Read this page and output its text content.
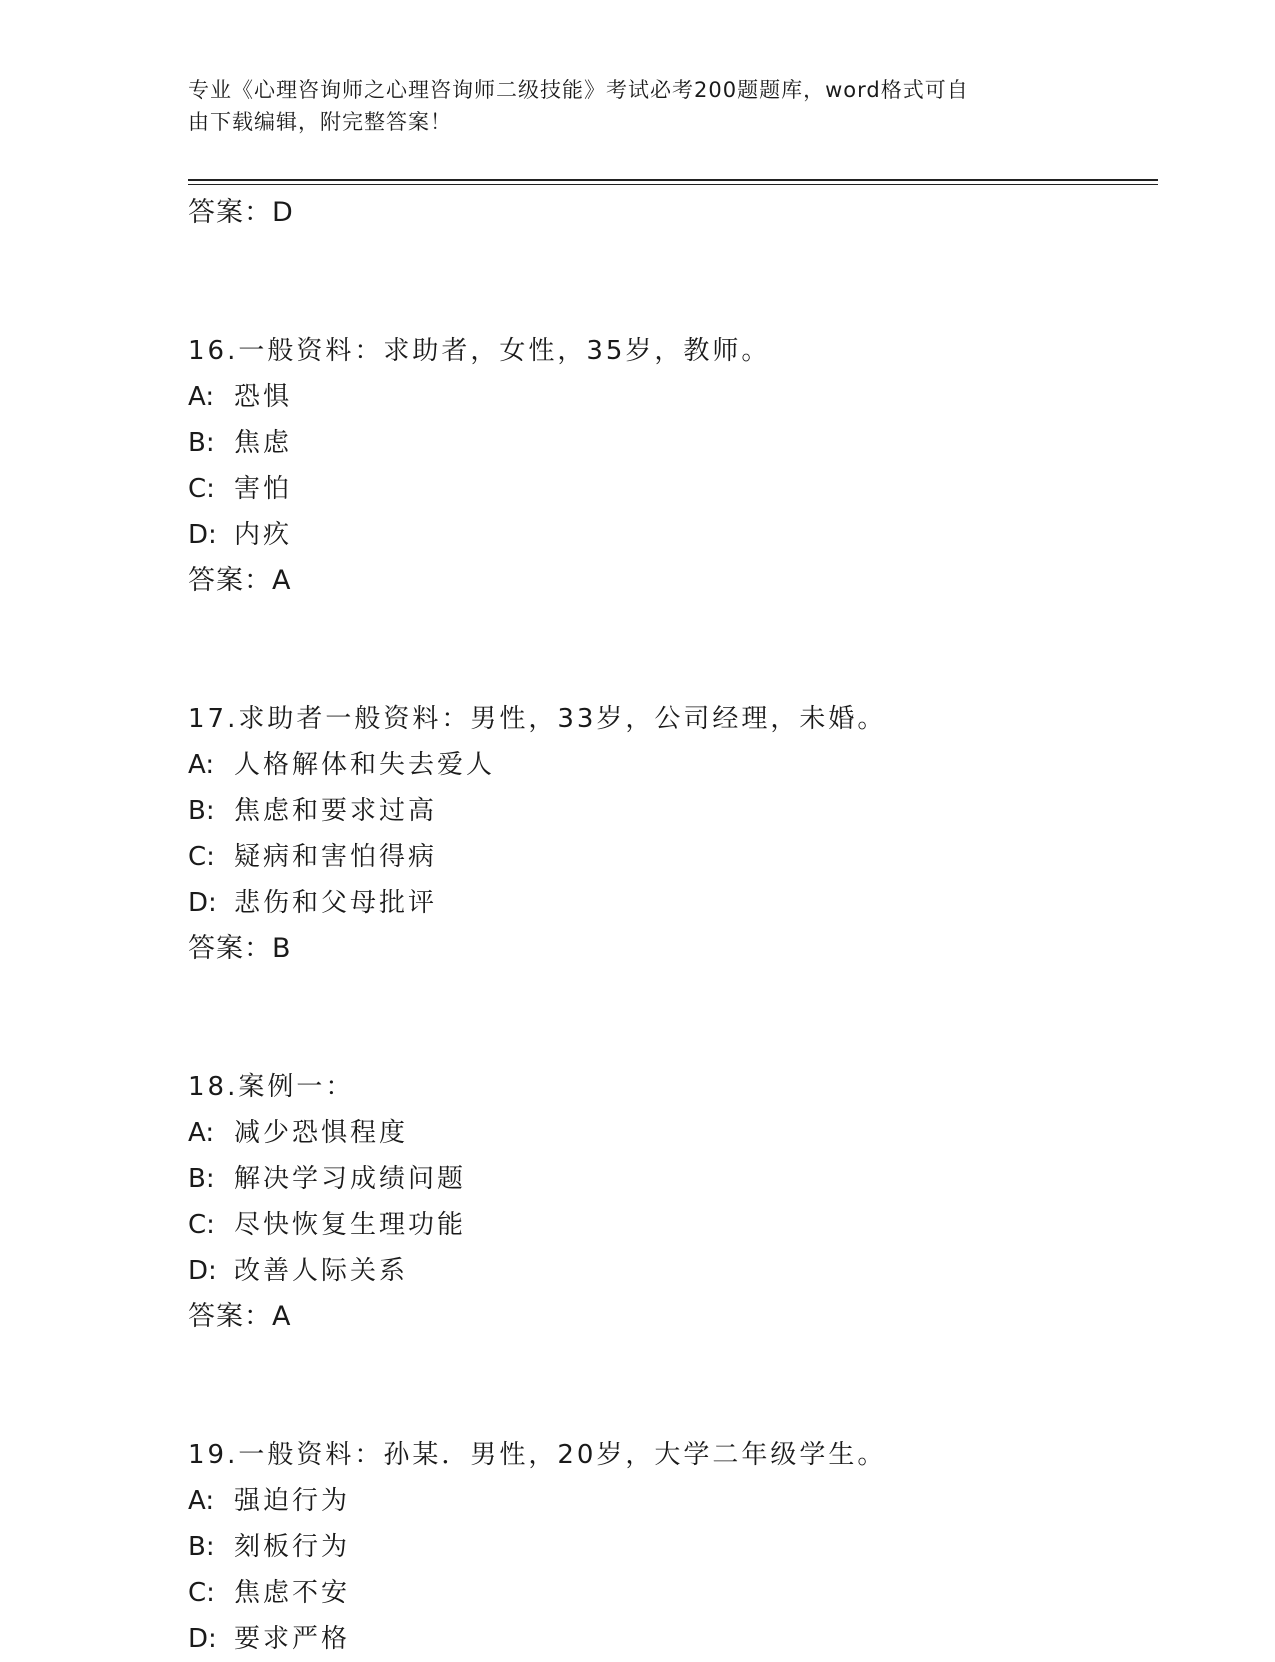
专业《心理咨询师之心理咨询师二级技能》考试必考200题题库，word格式可自
由下载编辑，附完整答案！
答案：D
16.一般资料：求助者，女性，35岁，教师。
A: 恐惧
B: 焦虑
C: 害怕
D: 内疚
答案：A
17.求助者一般资料：男性，33岁，公司经理，未婚。
A: 人格解体和失去爱人
B: 焦虑和要求过高
C: 疑病和害怕得病
D: 悲伤和父母批评
答案：B
18.案例一：
A: 减少恐惧程度
B: 解决学习成绩问题
C: 尽快恢复生理功能
D: 改善人际关系
答案：A
19.一般资料：孙某．男性，20岁，大学二年级学生。
A: 强迫行为
B: 刻板行为
C: 焦虑不安
D: 要求严格
